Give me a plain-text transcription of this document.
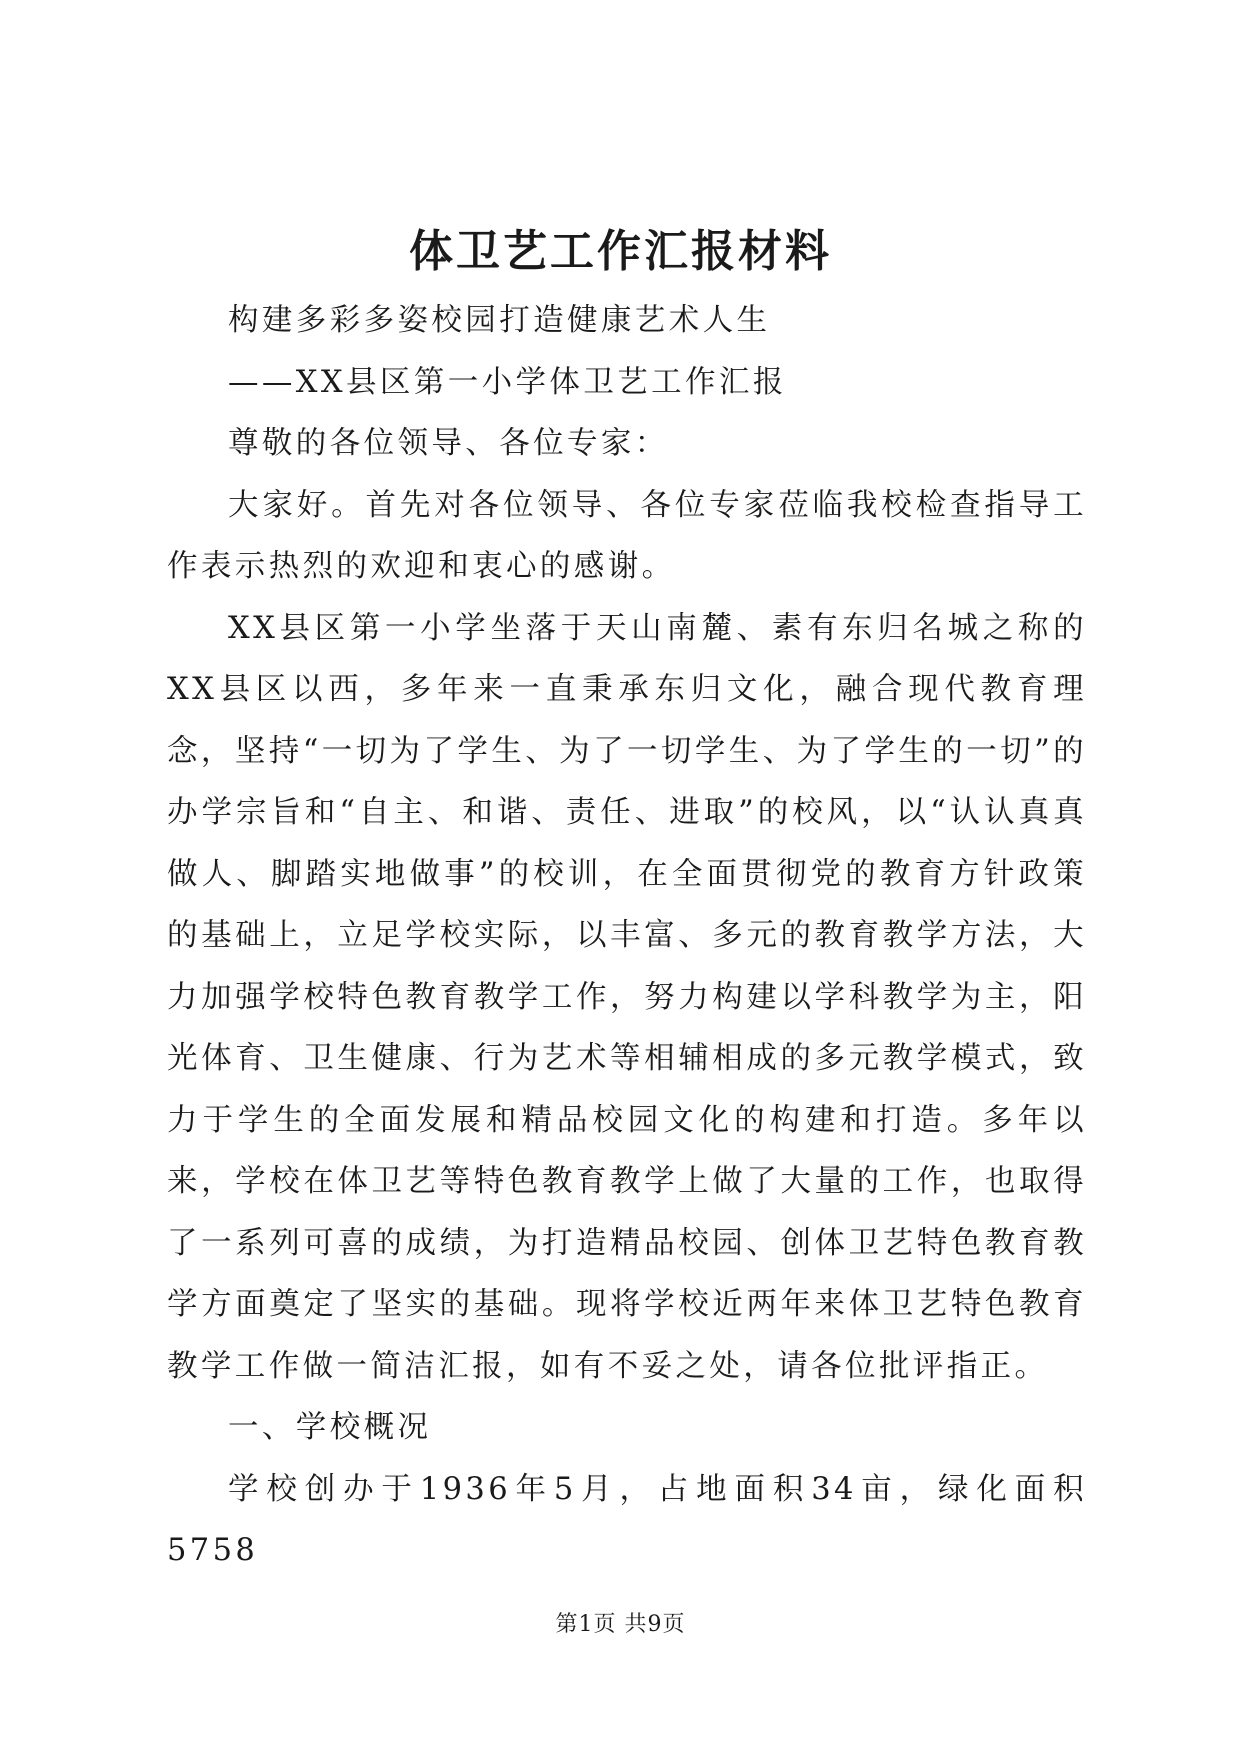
体卫艺工作汇报材料

构建多彩多姿校园打造健康艺术人生

——XX县区第一小学体卫艺工作汇报

尊敬的各位领导、各位专家：

大家好。首先对各位领导、各位专家莅临我校检查指导工作表示热烈的欢迎和衷心的感谢。

XX县区第一小学坐落于天山南麓、素有东归名城之称的XX县区以西，多年来一直秉承东归文化，融合现代教育理念，坚持“一切为了学生、为了一切学生、为了学生的一切”的办学宗旨和“自主、和谐、责任、进取”的校风，以“认认真真做人、脚踏实地做事”的校训，在全面贯彻党的教育方针政策的基础上，立足学校实际，以丰富、多元的教育教学方法，大力加强学校特色教育教学工作，努力构建以学科教学为主，阳光体育、卫生健康、行为艺术等相辅相成的多元教学模式，致力于学生的全面发展和精品校园文化的构建和打造。多年以来，学校在体卫艺等特色教育教学上做了大量的工作，也取得了一系列可喜的成绩，为打造精品校园、创体卫艺特色教育教学方面奠定了坚实的基础。现将学校近两年来体卫艺特色教育教学工作做一简洁汇报，如有不妥之处，请各位批评指正。

一、学校概况

学校创办于1936年5月，占地面积34亩，绿化面积5758

第1页 共9页
